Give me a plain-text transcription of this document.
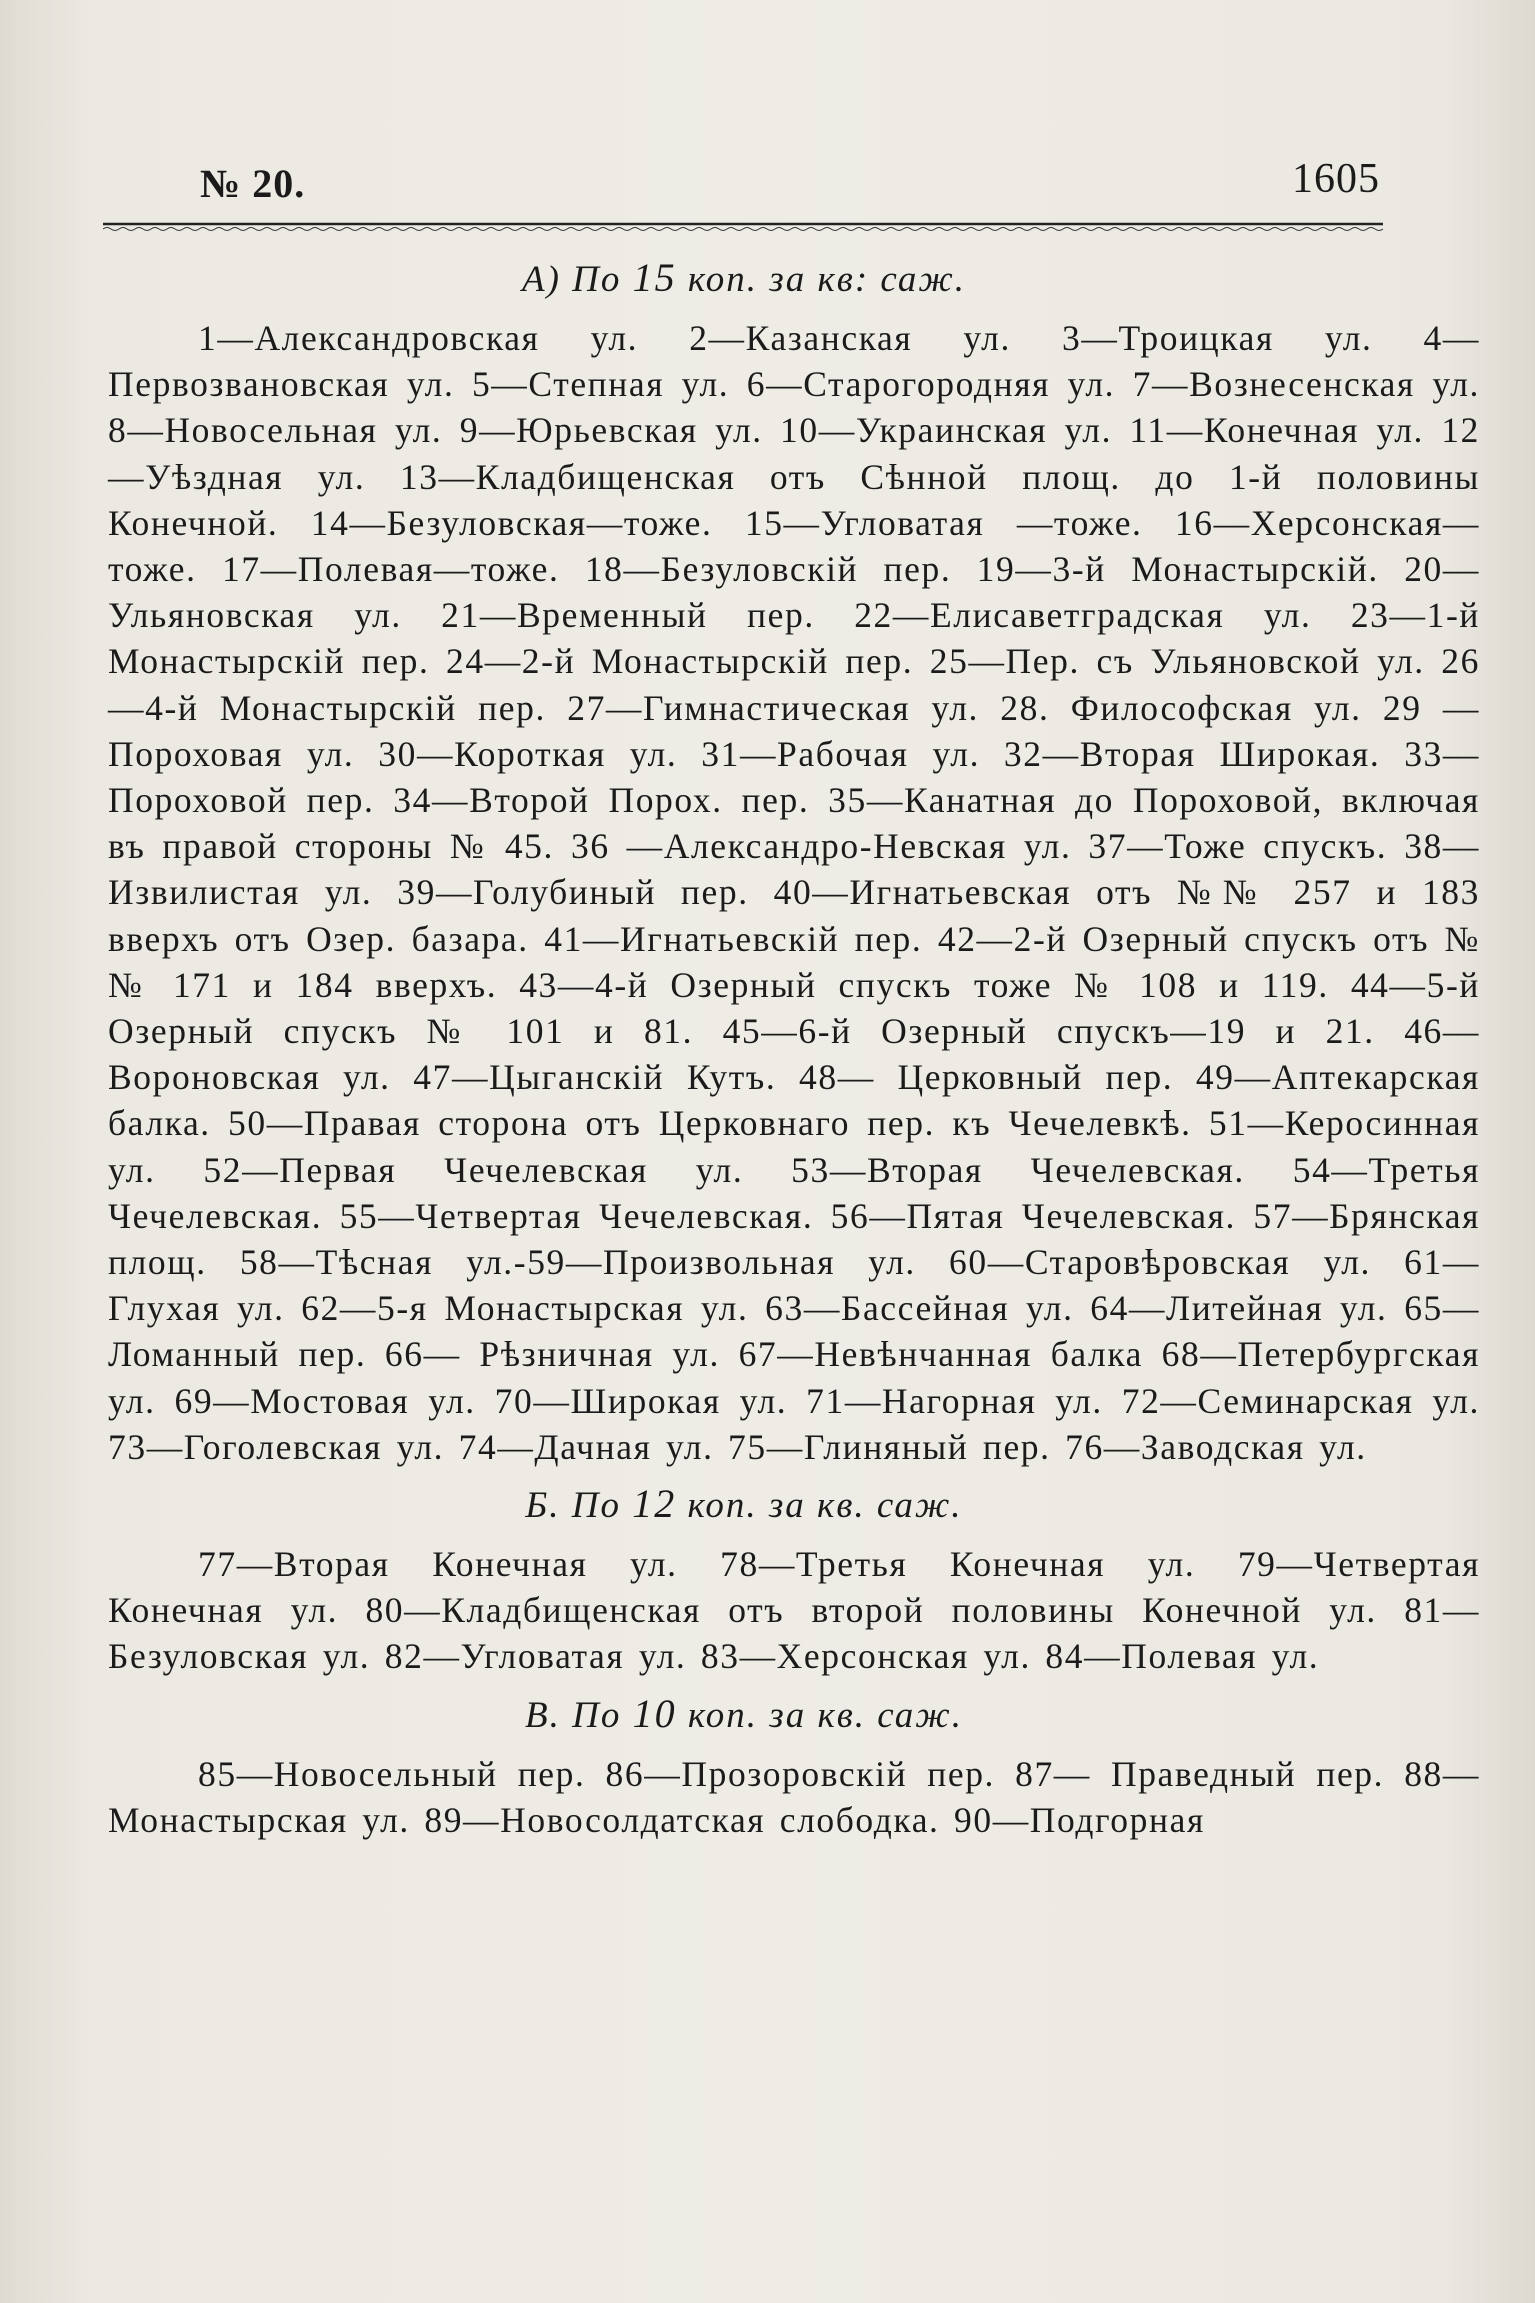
№ 20.	1605
А) По 15 коп. за кв: саж.

1—Александровская ул. 2—Казанская ул. 3—Троицкая ул. 4—Первозвановская ул. 5—Степная ул. 6—Старогородняя ул. 7—Вознесенская ул. 8—Новосельная ул. 9—Юрьевская ул. 10—Украинская ул. 11—Конечная ул. 12—Уѣздная ул. 13—Кладбищенская отъ Сѣнной площ. до 1-й половины Конечной. 14—Безуловская—тоже. 15—Угловатая —тоже. 16—Херсонская—тоже. 17—Полевая—тоже. 18—Безуловскій пер. 19—3-й Монастырскій. 20—Ульяновская ул. 21—Временный пер. 22—Елисаветградская ул. 23—1-й Монастырскій пер. 24—2-й Монастырскій пер. 25—Пер. съ Ульяновской ул. 26—4-й Монастырскій пер. 27—Гимнастическая ул. 28. Философская ул. 29 —Пороховая ул. 30—Короткая ул. 31—Рабочая ул. 32—Вторая Широкая. 33—Пороховой пер. 34—Второй Порох. пер. 35—Канатная до Пороховой, включая въ правой стороны № 45. 36 —Александро-Невская ул. 37—Тоже спускъ. 38—Извилистая ул. 39—Голубиный пер. 40—Игнатьевская отъ №№ 257 и 183 вверхъ отъ Озер. базара. 41—Игнатьевскій пер. 42—2-й Озерный спускъ отъ №№ 171 и 184 вверхъ. 43—4-й Озерный спускъ тоже № 108 и 119. 44—5-й Озерный спускъ № 101 и 81. 45—6-й Озерный спускъ—19 и 21. 46—Вороновская ул. 47—Цыганскій Кутъ. 48— Церковный пер. 49—Аптекарская балка. 50—Правая сторона отъ Церковнаго пер. къ Чечелевкѣ. 51—Керосинная ул. 52—Первая Чечелевская ул. 53—Вторая Чечелевская. 54—Третья Чечелевская. 55—Четвертая Чечелевская. 56—Пятая Чечелевская. 57—Брянская площ. 58—Тѣсная ул.-59—Произвольная ул. 60—Старовѣровская ул. 61—Глухая ул. 62—5-я Монастырская ул. 63—Бассейная ул. 64—Литейная ул. 65—Ломанный пер. 66— Рѣзничная ул. 67—Невѣнчанная балка 68—Петербургская ул. 69—Мостовая ул. 70—Широкая ул. 71—Нагорная ул. 72—Семинарская ул. 73—Гоголевская ул. 74—Дачная ул. 75—Глиняный пер. 76—Заводская ул.

Б. По 12 коп. за кв. саж.

77—Вторая Конечная ул. 78—Третья Конечная ул. 79—Четвертая Конечная ул. 80—Кладбищенская отъ второй половины Конечной ул. 81—Безуловская ул. 82—Угловатая ул. 83—Херсонская ул. 84—Полевая ул.

В. По 10 коп. за кв. саж.

85—Новосельный пер. 86—Прозоровскій пер. 87— Праведный пер. 88—Монастырская ул. 89—Новосолдатская слободка. 90—Подгорная
